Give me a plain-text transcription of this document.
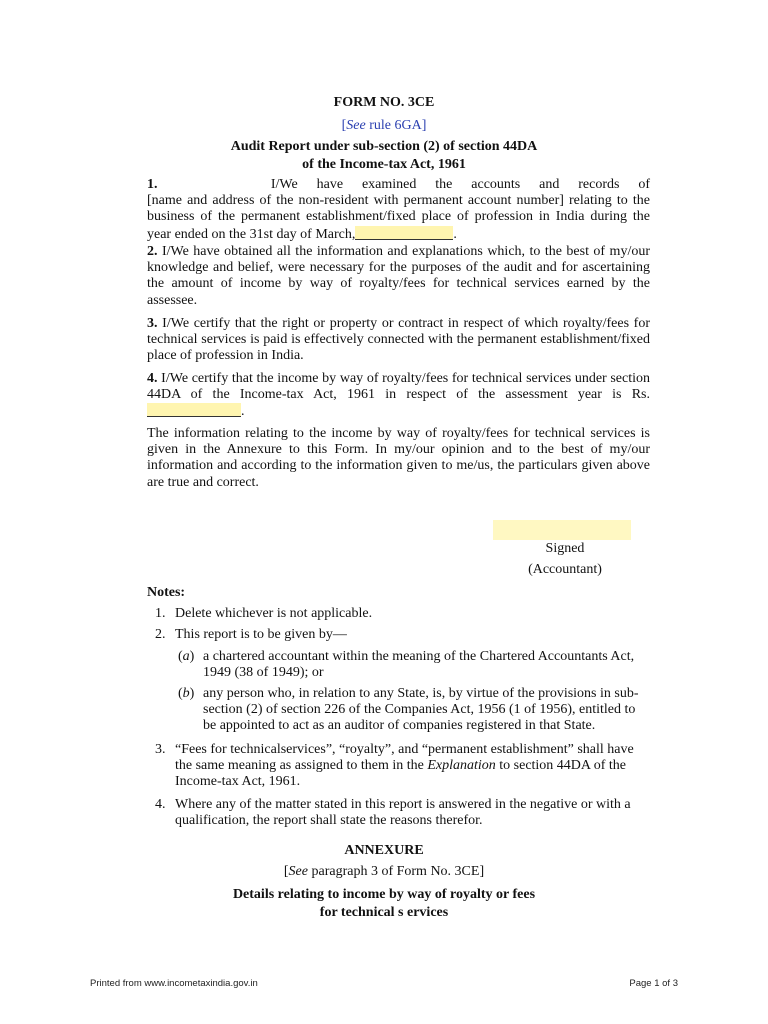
FORM NO. 3CE
[See rule 6GA]
Audit Report under sub-section (2) of section 44DA
of the Income-tax Act, 1961
1.	I/We have examined the accounts and records of
[name and address of the non-resident with permanent account number] relating to the business of the permanent establishment/fixed place of profession in India during the year ended on the 31st day of March,	.
2. I/We have obtained all the information and explanations which, to the best of my/our knowledge and belief, were necessary for the purposes of the audit and for ascertaining the amount of income by way of royalty/fees for technical services earned by the assessee.
3. I/We certify that the right or property or contract in respect of which royalty/fees for technical services is paid is effectively connected with the permanent establishment/fixed place of profession in India.
4. I/We certify that the income by way of royalty/fees for technical services under section 44DA of the Income-tax Act, 1961 in respect of the assessment year is Rs..
The information relating to the income by way of royalty/fees for technical services is given in the Annexure to this Form. In my/our opinion and to the best of my/our information and according to the information given to me/us, the particulars given above are true and correct.
Signed
(Accountant)
Notes:
1. Delete whichever is not applicable.
2. This report is to be given by—
(a) a chartered accountant within the meaning of the Chartered Accountants Act, 1949 (38 of 1949); or
(b) any person who, in relation to any State, is, by virtue of the provisions in sub-section (2) of section 226 of the Companies Act, 1956 (1 of 1956), entitled to be appointed to act as an auditor of companies registered in that State.
3. “Fees for technicalservices”, “royalty”, and “permanent establishment” shall have the same meaning as assigned to them in the Explanation to section 44DA of the Income-tax Act, 1961.
4. Where any of the matter stated in this report is answered in the negative or with a qualification, the report shall state the reasons therefor.
ANNEXURE
[See paragraph 3 of Form No. 3CE]
Details relating to income by way of royalty or fees
for technical s ervices
Printed from www.incometaxindia.gov.in	Page 1 of 3
